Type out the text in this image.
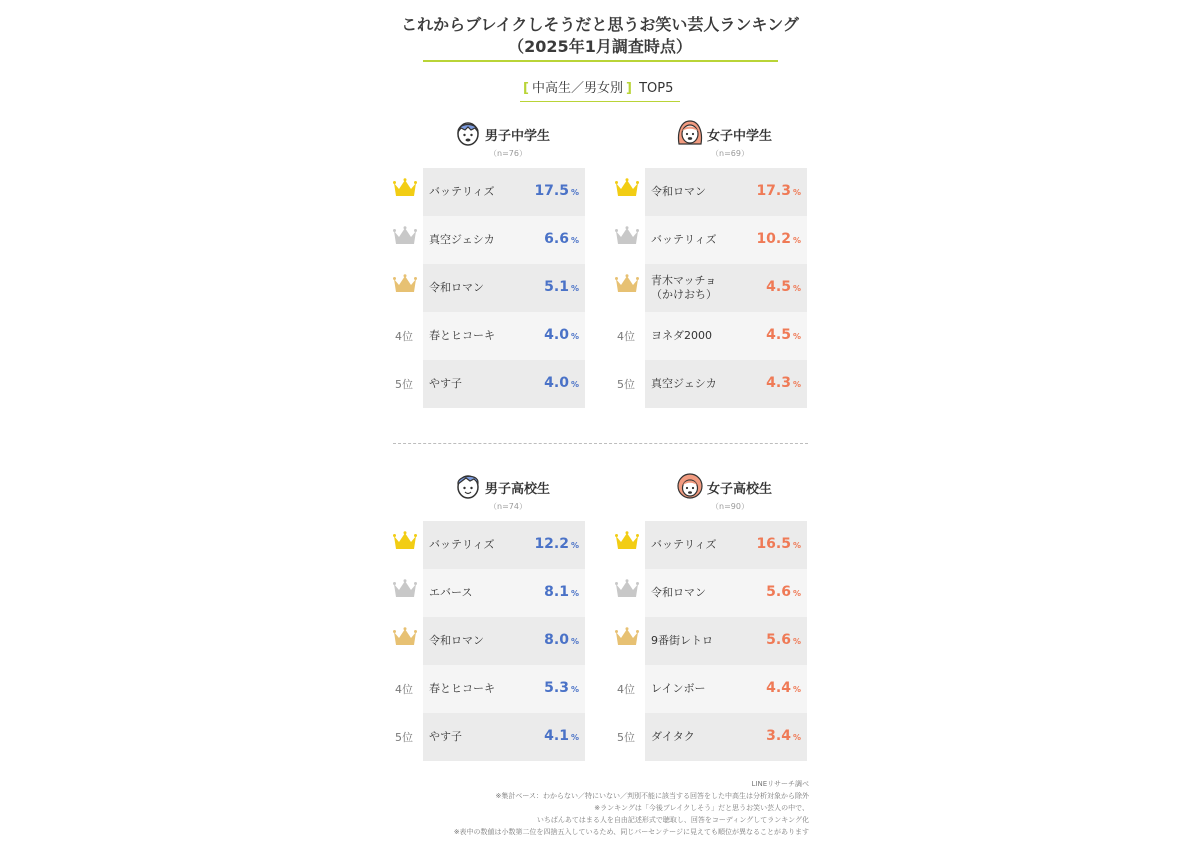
これからブレイクしそうだと思うお笑い芸人ランキング
（2025年1月調査時点）
[ 中高生／男女別 ] TOP5
男子中学生
（n=76）
バッテリィズ	17.5 %
真空ジェシカ	6.6 %
令和ロマン	5.1 %
4位 春とヒコーキ	4.0 %
5位 やす子	4.0 %
女子中学生
（n=69）
令和ロマン	17.3 %
バッテリィズ	10.2 %
青木マッチョ
（かけおち）	4.5 %
4位 ヨネダ2000	4.5 %
5位 真空ジェシカ	4.3 %
男子高校生
（n=74）
バッテリィズ	12.2 %
エバース	8.1 %
令和ロマン	8.0 %
4位 春とヒコーキ	5.3 %
5位 やす子	4.1 %
女子高校生
（n=90）
バッテリィズ	16.5 %
令和ロマン	5.6 %
9番街レトロ	5.6 %
4位 レインボー	4.4 %
5位 ダイタク	3.4 %
LINEリサーチ調べ
※集計ベース：わからない／特にいない／判別不能に該当する回答をした中高生は分析対象から除外
※ランキングは「今後ブレイクしそう」だと思うお笑い芸人の中で、
いちばんあてはまる人を自由記述形式で聴取し、回答をコーディングしてランキング化
※表中の数値は小数第二位を四捨五入しているため、同じパーセンテージに見えても順位が異なることがあります
